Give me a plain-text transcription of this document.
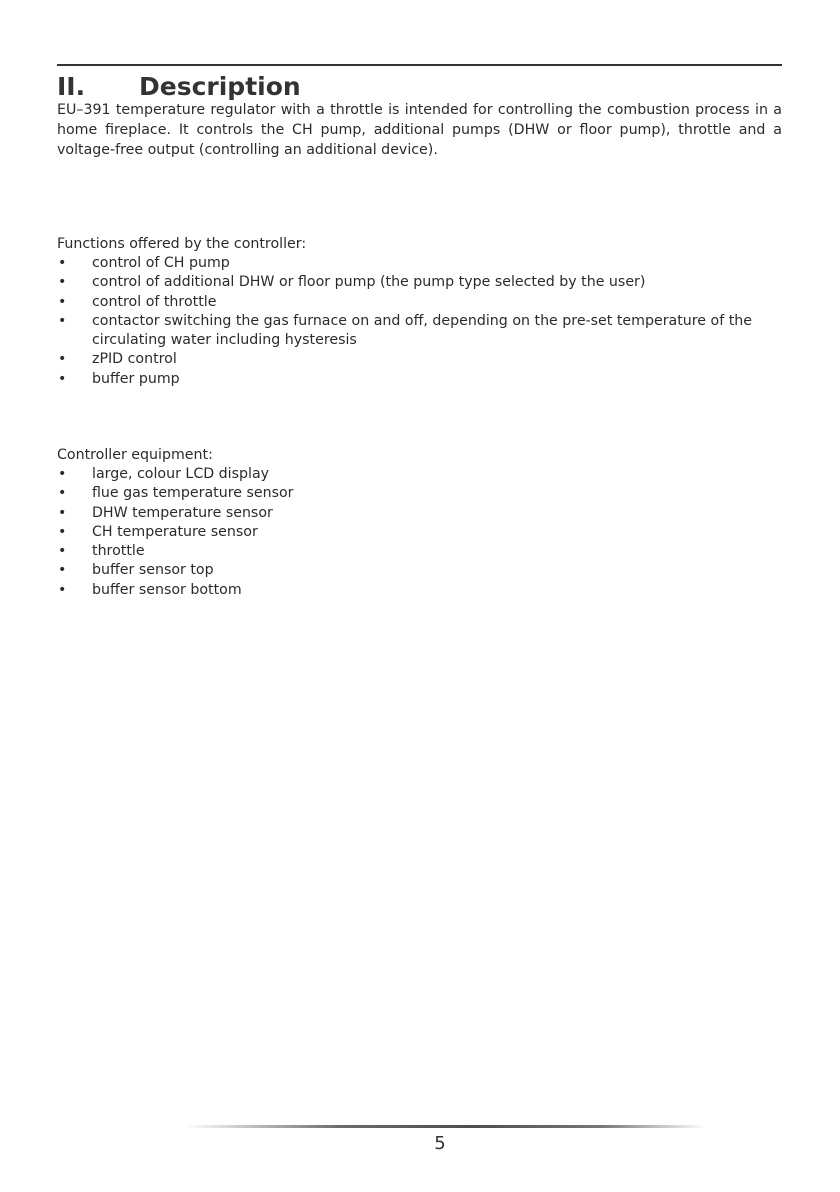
II. Description

EU–391 temperature regulator with a throttle is intended for controlling the combustion process in a home fireplace. It controls the CH pump, additional pumps (DHW or floor pump), throttle and a voltage-free output (controlling an additional device).

Functions offered by the controller:

• control of CH pump
• control of additional DHW or floor pump (the pump type selected by the user)
• control of throttle
• contactor switching the gas furnace on and off, depending on the pre-set temperature of the circulating water including hysteresis
• zPID control
• buffer pump

Controller equipment:

• large, colour LCD display
• flue gas temperature sensor
• DHW temperature sensor
• CH temperature sensor
• throttle
• buffer sensor top
• buffer sensor bottom
5
